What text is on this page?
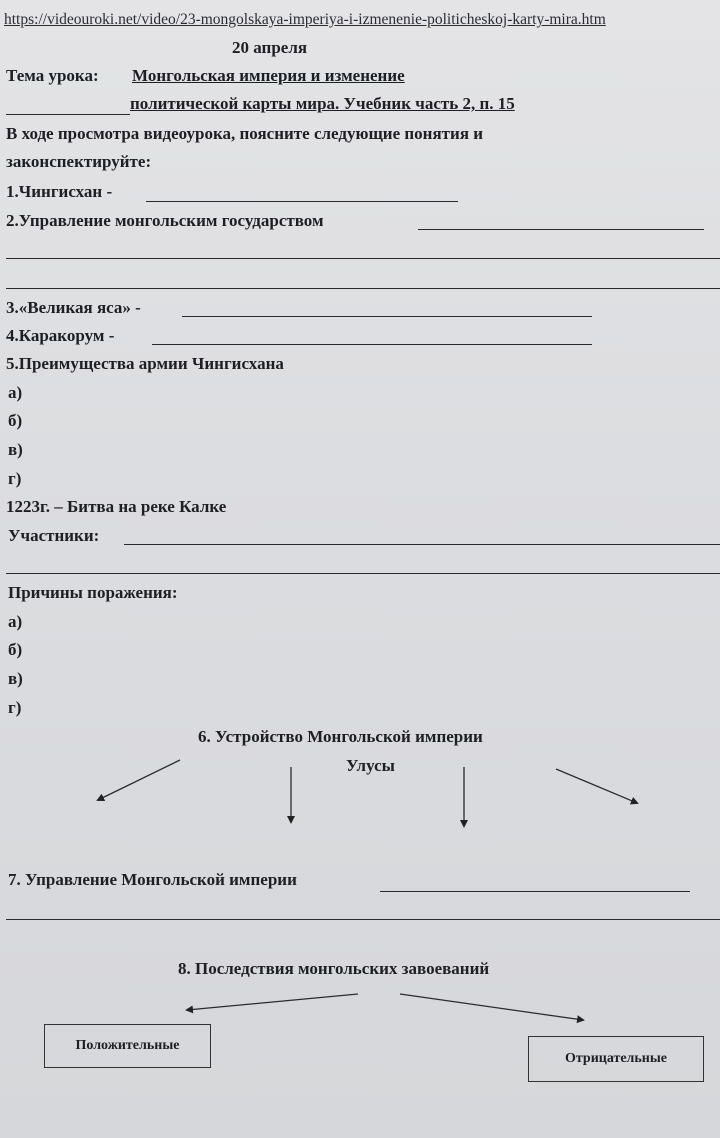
https://videouroki.net/video/23-mongolskaya-imperiya-i-izmenenie-politicheskoj-karty-mira.htm
20 апреля
Тема урока: Монгольская империя и изменение
политической карты мира. Учебник часть 2, п. 15
В ходе просмотра видеоурока, поясните следующие понятия и
законспектируйте:
1.Чингисхан -
2.Управление монгольским государством
3.«Великая яса» -
4.Каракорум -
5.Преимущества армии Чингисхана
а)
б)
в)
г)
1223г. – Битва на реке Калке
Участники:
Причины поражения:
а)
б)
в)
г)
6. Устройство Монгольской империи
Улусы
7. Управление Монгольской империи
8. Последствия монгольских завоеваний
Положительные
Отрицательные
